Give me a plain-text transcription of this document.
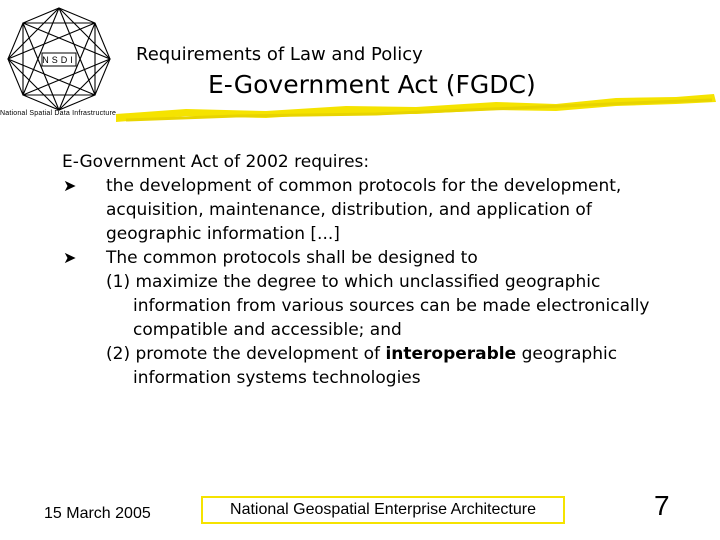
NSDI
National Spatial Data Infrastructure
Requirements of Law and Policy
E-Government Act (FGDC)

E-Government Act of 2002 requires:

➤ the development of common protocols for the development, acquisition, maintenance, distribution, and application of geographic information [...]

➤ The common protocols shall be designed to

(1) maximize the degree to which unclassified geographic information from various sources can be made electronically compatible and accessible; and

(2) promote the development of interoperable geographic information systems technologies

15 March 2005	National Geospatial Enterprise Architecture	7
